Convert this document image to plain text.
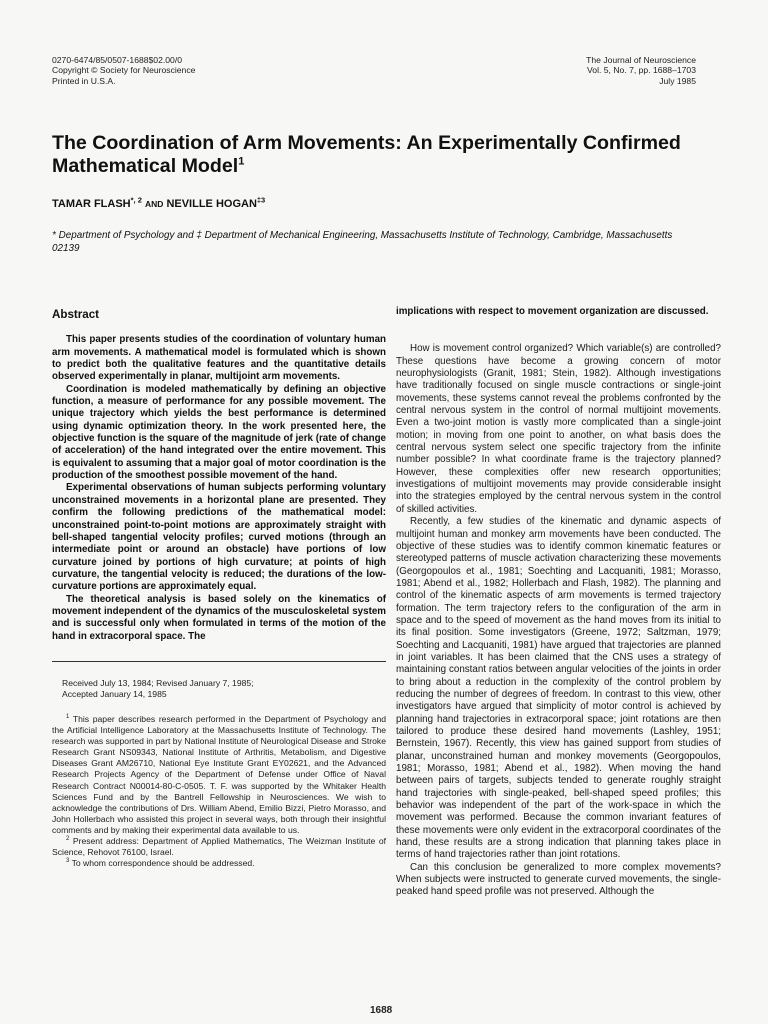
0270-6474/85/0507-1688$02.00/0
Copyright © Society for Neuroscience
Printed in U.S.A.
The Journal of Neuroscience
Vol. 5, No. 7, pp. 1688–1703
July 1985
The Coordination of Arm Movements: An Experimentally Confirmed Mathematical Model$^1$
TAMAR $FLASH^{*, 2}$ AND NEVILLE HOGAN$^{\ddagger 3}$
* Department of Psychology and ‡ Department of Mechanical Engineering, Massachusetts Institute of Technology, Cambridge, Massachusetts 02139
Abstract

This paper presents studies of the coordination of voluntary human arm movements. A mathematical model is formulated which is shown to predict both the qualitative features and the quantitative details observed experimentally in planar, multijoint arm movements.

Coordination is modeled mathematically by defining an objective function, a measure of performance for any possible movement. The unique trajectory which yields the best performance is determined using dynamic optimization theory. In the work presented here, the objective function is the square of the magnitude of jerk (rate of change of acceleration) of the hand integrated over the entire movement. This is equivalent to assuming that a major goal of motor coordination is the production of the smoothest possible movement of the hand.

Experimental observations of human subjects performing voluntary unconstrained movements in a horizontal plane are presented. They confirm the following predictions of the mathematical model: unconstrained point-to-point motions are approximately straight with bell-shaped tangential velocity profiles; curved motions (through an intermediate point or around an obstacle) have portions of low curvature joined by portions of high curvature; at points of high curvature, the tangential velocity is reduced; the durations of the low-curvature portions are approximately equal.

The theoretical analysis is based solely on the kinematics of movement independent of the dynamics of the musculoskeletal system and is successful only when formulated in terms of the motion of the hand in extracorporal space. The

Received July 13, 1984; Revised January 7, 1985;
Accepted January 14, 1985

$^1$ This paper describes research performed in the Department of Psychology and the Artificial Intelligence Laboratory at the Massachusetts Institute of Technology. The research was supported in part by National Institute of Neurological Disease and Stroke Research Grant NS09343, National Institute of Arthritis, Metabolism, and Digestive Diseases Grant AM26710, National Eye Institute Grant EY02621, and the Advanced Research Projects Agency of the Department of Defense under Office of Naval Research Contract N00014-80-C-0505. T. F. was supported by the Whitaker Health Sciences Fund and by the Bantrell Fellowship in Neurosciences. We wish to acknowledge the contributions of Drs. William Abend, Emilio Bizzi, Pietro Morasso, and John Hollerbach who assisted this project in several ways, both through their insightful comments and by making their experimental data available to us.

$^2$ Present address: Department of Applied Mathematics, The Weizman Institute of Science, Rehovot 76100, Israel.

$^3$ To whom correspondence should be addressed.

implications with respect to movement organization are discussed.

How is movement control organized? Which variable(s) are controlled? These questions have become a growing concern of motor neurophysiologists (Granit, 1981; Stein, 1982). Although investigations have traditionally focused on single muscle contractions or single-joint movements, these systems cannot reveal the problems confronted by the central nervous system in the control of normal multijoint movements. Even a two-joint motion is vastly more complicated than a single-joint motion; in moving from one point to another, on what basis does the central nervous system select one specific trajectory from the infinite number possible? In what coordinate frame is the trajectory planned? However, these complexities offer new research opportunities; investigations of multijoint movements may provide considerable insight into the strategies employed by the central nervous system in the control of skilled activities.

Recently, a few studies of the kinematic and dynamic aspects of multijoint human and monkey arm movements have been conducted. The objective of these studies was to identify common kinematic features or stereotyped patterns of muscle activation characterizing these movements (Georgopoulos et al., 1981; Soechting and Lacquaniti, 1981; Morasso, 1981; Abend et al., 1982; Hollerbach and Flash, 1982). The planning and control of the kinematic aspects of arm movements is termed trajectory formation. The term trajectory refers to the configuration of the arm in space and to the speed of movement as the hand moves from its initial to its final position. Some investigators (Greene, 1972; Saltzman, 1979; Soechting and Lacquaniti, 1981) have argued that trajectories are planned in joint variables. It has been claimed that the CNS uses a strategy of maintaining constant ratios between angular velocities of the joints in order to bring about a reduction in the complexity of the control problem by reducing the number of degrees of freedom. In contrast to this view, other investigators have argued that simplicity of motor control is achieved by planning hand trajectories in extracorporal space; joint rotations are then tailored to produce these desired hand movements (Lashley, 1951; Bernstein, 1967). Recently, this view has gained support from studies of planar, unconstrained human and monkey movements (Georgopoulos, 1981; Morasso, 1981; Abend et al., 1982). When moving the hand between pairs of targets, subjects tended to generate roughly straight hand trajectories with single-peaked, bell-shaped speed profiles; this behavior was independent of the part of the work-space in which the movement was performed. Because the common invariant features of these movements were only evident in the extracorporal coordinates of the hand, these results are a strong indication that planning takes place in terms of hand trajectories rather than joint rotations.

Can this conclusion be generalized to more complex movements? When subjects were instructed to generate curved movements, the single-peaked hand speed profile was not preserved. Although the

1688
